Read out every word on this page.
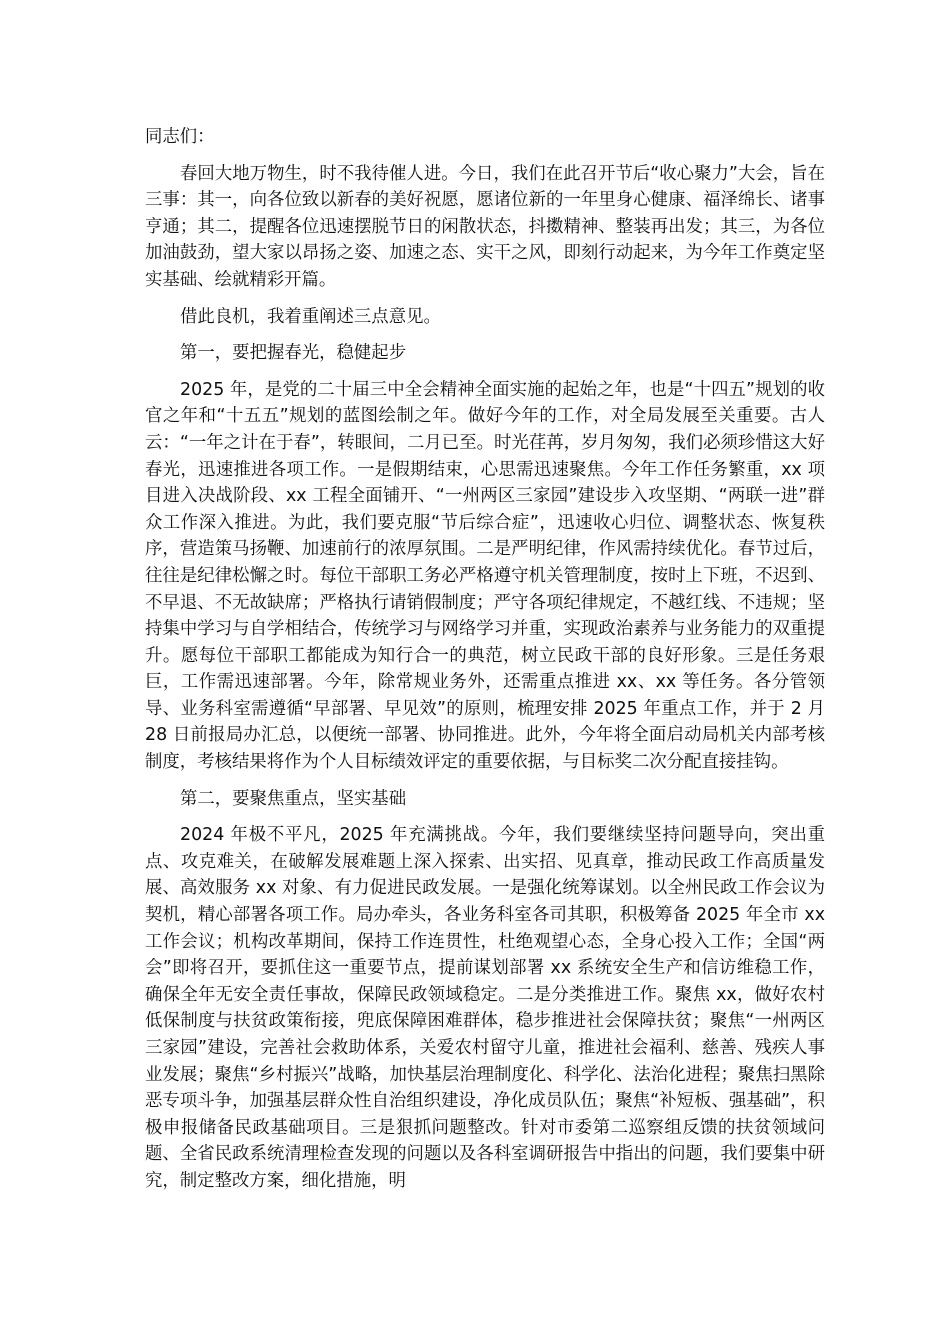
同志们：

春回大地万物生，时不我待催人进。今日，我们在此召开节后“收心聚力”大会，旨在三事：其一，向各位致以新春的美好祝愿，愿诸位新的一年里身心健康、福泽绵长、诸事亨通；其二，提醒各位迅速摆脱节日的闲散状态，抖擞精神、整装再出发；其三，为各位加油鼓劲，望大家以昂扬之姿、加速之态、实干之风，即刻行动起来，为今年工作奠定坚实基础、绘就精彩开篇。

借此良机，我着重阐述三点意见。

第一，要把握春光，稳健起步

2025 年，是党的二十届三中全会精神全面实施的起始之年，也是“十四五”规划的收官之年和“十五五”规划的蓝图绘制之年。做好今年的工作，对全局发展至关重要。古人云：“一年之计在于春”，转眼间，二月已至。时光荏苒，岁月匆匆，我们必须珍惜这大好春光，迅速推进各项工作。一是假期结束，心思需迅速聚焦。今年工作任务繁重，xx 项目进入决战阶段、xx 工程全面铺开、“一州两区三家园”建设步入攻坚期、“两联一进”群众工作深入推进。为此，我们要克服“节后综合症”，迅速收心归位、调整状态、恢复秩序，营造策马扬鞭、加速前行的浓厚氛围。二是严明纪律，作风需持续优化。春节过后，往往是纪律松懈之时。每位干部职工务必严格遵守机关管理制度，按时上下班，不迟到、不早退、不无故缺席；严格执行请销假制度；严守各项纪律规定，不越红线、不违规；坚持集中学习与自学相结合，传统学习与网络学习并重，实现政治素养与业务能力的双重提升。愿每位干部职工都能成为知行合一的典范，树立民政干部的良好形象。三是任务艰巨，工作需迅速部署。今年，除常规业务外，还需重点推进 xx、xx 等任务。各分管领导、业务科室需遵循“早部署、早见效”的原则，梳理安排 2025 年重点工作，并于 2 月 28 日前报局办汇总，以便统一部署、协同推进。此外，今年将全面启动局机关内部考核制度，考核结果将作为个人目标绩效评定的重要依据，与目标奖二次分配直接挂钩。

第二，要聚焦重点，坚实基础

2024 年极不平凡，2025 年充满挑战。今年，我们要继续坚持问题导向，突出重点、攻克难关，在破解发展难题上深入探索、出实招、见真章，推动民政工作高质量发展、高效服务 xx 对象、有力促进民政发展。一是强化统筹谋划。以全州民政工作会议为契机，精心部署各项工作。局办牵头，各业务科室各司其职，积极筹备 2025 年全市 xx 工作会议；机构改革期间，保持工作连贯性，杜绝观望心态，全身心投入工作；全国“两会”即将召开，要抓住这一重要节点，提前谋划部署 xx 系统安全生产和信访维稳工作，确保全年无安全责任事故，保障民政领域稳定。二是分类推进工作。聚焦 xx，做好农村低保制度与扶贫政策衔接，兜底保障困难群体，稳步推进社会保障扶贫；聚焦“一州两区三家园”建设，完善社会救助体系，关爱农村留守儿童，推进社会福利、慈善、残疾人事业发展；聚焦“乡村振兴”战略，加快基层治理制度化、科学化、法治化进程；聚焦扫黑除恶专项斗争，加强基层群众性自治组织建设，净化成员队伍；聚焦“补短板、强基础”，积极申报储备民政基础项目。三是狠抓问题整改。针对市委第二巡察组反馈的扶贫领域问题、全省民政系统清理检查发现的问题以及各科室调研报告中指出的问题，我们要集中研究，制定整改方案，细化措施，明
